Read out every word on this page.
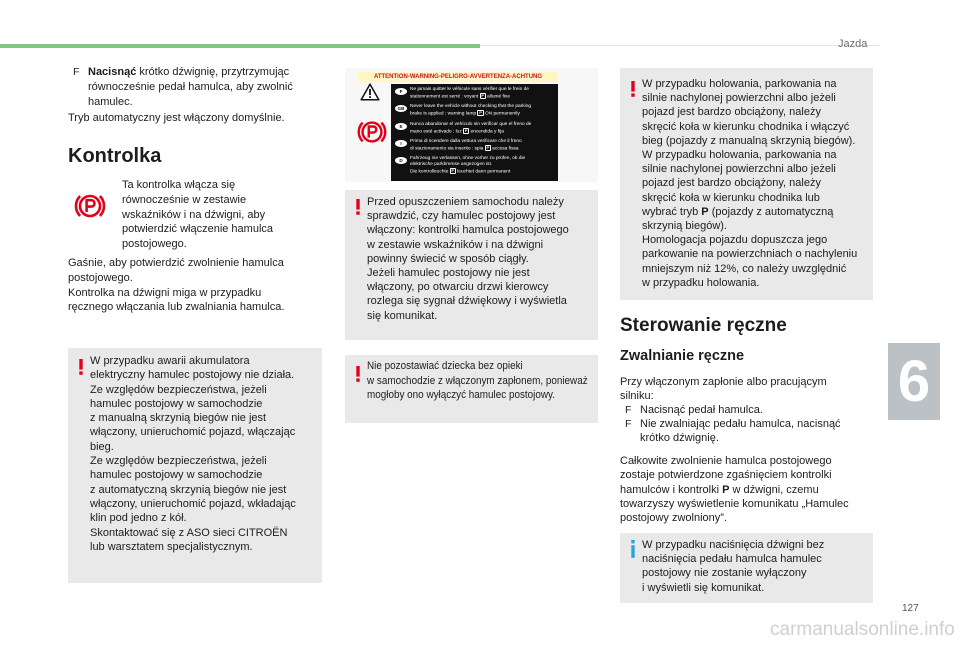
Jazda
F Nacisnąć krótko dźwignię, przytrzymując
równocześnie pedał hamulca, aby zwolnić
hamulec.
Tryb automatyczny jest włączony domyślnie.
Kontrolka
Ta kontrolka włącza się
równocześnie w zestawie
wskaźników i na dźwigni, aby
potwierdzić włączenie hamulca
postojowego.
Gaśnie, aby potwierdzić zwolnienie hamulca
postojowego.
Kontrolka na dźwigni miga w przypadku
ręcznego włączania lub zwalniania hamulca.
W przypadku awarii akumulatora
elektryczny hamulec postojowy nie działa.
Ze względów bezpieczeństwa, jeżeli
hamulec postojowy w samochodzie
z manualną skrzynią biegów nie jest
włączony, unieruchomić pojazd, włączając
bieg.
Ze względów bezpieczeństwa, jeżeli
hamulec postojowy w samochodzie
z automatyczną skrzynią biegów nie jest
włączony, unieruchomić pojazd, wkładając
klin pod jedno z kół.
Skontaktować się z ASO sieci CITROËN
lub warsztatem specjalistycznym.
ATTENTION-WARNING-PELIGRO-AVVERTENZA-ACHTUNG
F	Ne jamais quitter le véhicule sans vérifier que le frein de
stationnement est serré : voyant P allumé fixe
GB	Never leave the vehicle without checking that the parking
brake is applied : warning lamp P ON permanently
E	Nunca abandonar el vehículo sin verificar que el freno de
mano esté activado : luz P encendida y fija
I	Prima di scendere dalla vettura verificare che il freno
di stazionamento sia inserito : spia P accesa fissa
D	Fahrzeug nie verlassen, ohne vorher zu prüfen, ob die
elektrische parkbremse angezogen ist.
Die kontrolleuchte P leuchtet dann permanent
Przed opuszczeniem samochodu należy
sprawdzić, czy hamulec postojowy jest
włączony: kontrolki hamulca postojowego
w zestawie wskaźników i na dźwigni
powinny świecić w sposób ciągły.
Jeżeli hamulec postojowy nie jest
włączony, po otwarciu drzwi kierowcy
rozlega się sygnał dźwiękowy i wyświetla
się komunikat.
Nie pozostawiać dziecka bez opieki
w samochodzie z włączonym zapłonem, ponieważ
mogłoby ono wyłączyć hamulec postojowy.
W przypadku holowania, parkowania na
silnie nachylonej powierzchni albo jeżeli
pojazd jest bardzo obciążony, należy
skręcić koła w kierunku chodnika i włączyć
bieg (pojazdy z manualną skrzynią biegów).
W przypadku holowania, parkowania na
silnie nachylonej powierzchni albo jeżeli
pojazd jest bardzo obciążony, należy
skręcić koła w kierunku chodnika lub
wybrać tryb P (pojazdy z automatyczną
skrzynią biegów).
Homologacja pojazdu dopuszcza jego
parkowanie na powierzchniach o nachyleniu
mniejszym niż 12%, co należy uwzględnić
w przypadku holowania.
Sterowanie ręczne
Zwalnianie ręczne
Przy włączonym zapłonie albo pracującym
silniku:
F Nacisnąć pedał hamulca.
F Nie zwalniając pedału hamulca, nacisnąć
krótko dźwignię.
Całkowite zwolnienie hamulca postojowego
zostaje potwierdzone zgaśnięciem kontrolki
hamulców i kontrolki P w dźwigni, czemu
towarzyszy wyświetlenie komunikatu „Hamulec
postojowy zwolniony”.
W przypadku naciśnięcia dźwigni bez
naciśnięcia pedału hamulca hamulec
postojowy nie zostanie wyłączony
i wyświetli się komunikat.
6
127
carmanualsonline.info
